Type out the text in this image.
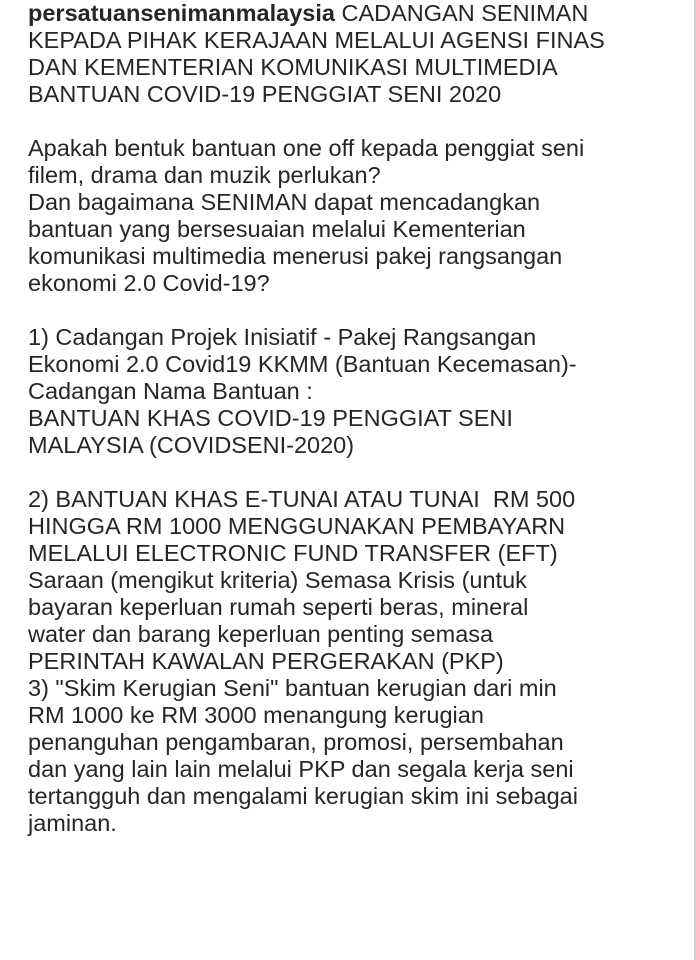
persatuansenimanmalaysia CADANGAN SENIMAN
KEPADA PIHAK KERAJAAN MELALUI AGENSI FINAS
DAN KEMENTERIAN KOMUNIKASI MULTIMEDIA
BANTUAN COVID-19 PENGGIAT SENI 2020
Apakah bentuk bantuan one off kepada penggiat seni
filem, drama dan muzik perlukan?
Dan bagaimana SENIMAN dapat mencadangkan
bantuan yang bersesuaian melalui Kementerian
komunikasi multimedia menerusi pakej rangsangan
ekonomi 2.0 Covid-19?
1) Cadangan Projek Inisiatif - Pakej Rangsangan
Ekonomi 2.0 Covid19 KKMM (Bantuan Kecemasan)-
Cadangan Nama Bantuan :
BANTUAN KHAS COVID-19 PENGGIAT SENI
MALAYSIA (COVIDSENI-2020)
2) BANTUAN KHAS E-TUNAI ATAU TUNAI  RM 500
HINGGA RM 1000 MENGGUNAKAN PEMBAYARN
MELALUI ELECTRONIC FUND TRANSFER (EFT)
Saraan (mengikut kriteria) Semasa Krisis (untuk
bayaran keperluan rumah seperti beras, mineral
water dan barang keperluan penting semasa
PERINTAH KAWALAN PERGERAKAN (PKP)
3) "Skim Kerugian Seni" bantuan kerugian dari min
RM 1000 ke RM 3000 menangung kerugian
penanguhan pengambaran, promosi, persembahan
dan yang lain lain melalui PKP dan segala kerja seni
tertangguh dan mengalami kerugian skim ini sebagai
jaminan.
